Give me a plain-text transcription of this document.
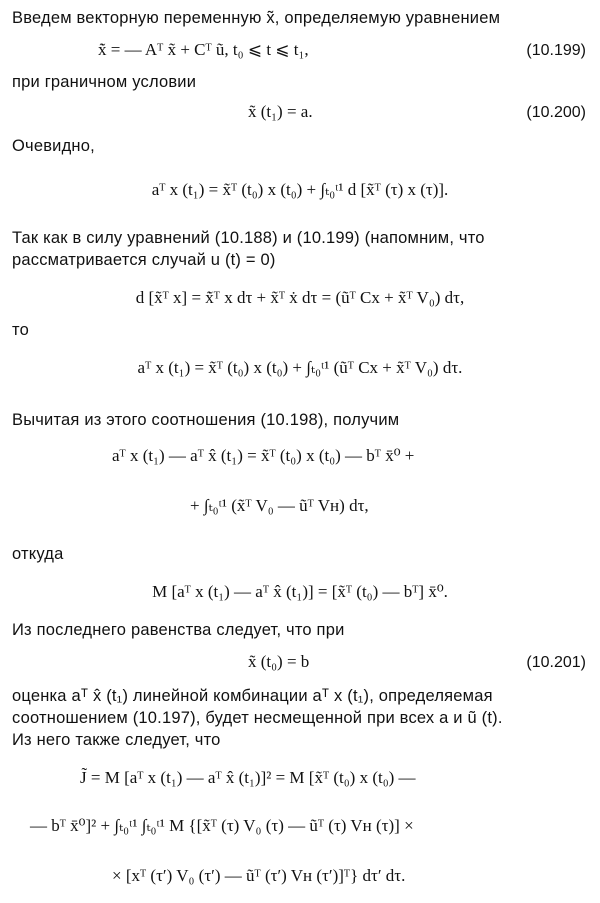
Введем векторную переменную x̃, определяемую уравнением
x̃̇ = — Aᵀ x̃ + Cᵀ ũ, t₀ ⩽ t ⩽ t₁,	(10.199)
при граничном условии
x̃ (t₁) = a.	(10.200)
Очевидно,
aᵀ x (t₁) = x̃ᵀ (t₀) x (t₀) + ∫ₜ₀ᵗ¹ d [x̃ᵀ (τ) x (τ)].
Так как в силу уравнений (10.188) и (10.199) (напомним, что
рассматривается случай u (t) = 0)
d [x̃ᵀ x] = x̃̇ᵀ x dτ + x̃ᵀ ẋ dτ = (ũᵀ Cx + x̃ᵀ V₀) dτ,
то
aᵀ x (t₁) = x̃ᵀ (t₀) x (t₀) + ∫ₜ₀ᵗ¹ (ũᵀ Cx + x̃ᵀ V₀) dτ.
Вычитая из этого соотношения (10.198), получим
aᵀ x (t₁) — aᵀ x̂ (t₁) = x̃ᵀ (t₀) x (t₀) — bᵀ x̄⁰ +
+ ∫ₜ₀ᵗ¹ (x̃ᵀ V₀ — ũᵀ Vн) dτ,
откуда
M [aᵀ x (t₁) — aᵀ x̂ (t₁)] = [x̃ᵀ (t₀) — bᵀ] x̄⁰.
Из последнего равенства следует, что при
x̃ (t₀) = b	(10.201)
оценка aᵀ x̂ (t₁) линейной комбинации aᵀ x (t₁), определяемая
соотношением (10.197), будет несмещенной при всех a и ũ (t).
Из него также следует, что
J̃ = M [aᵀ x (t₁) — aᵀ x̂ (t₁)]² = M [x̃ᵀ (t₀) x (t₀) —
— bᵀ x̄⁰]² + ∫ₜ₀ᵗ¹ ∫ₜ₀ᵗ¹ M {[x̃ᵀ (τ) V₀ (τ) — ũᵀ (τ) Vн (τ)] ×
× [xᵀ (τ′) V₀ (τ′) — ũᵀ (τ′) Vн (τ′)]ᵀ} dτ′ dτ.
